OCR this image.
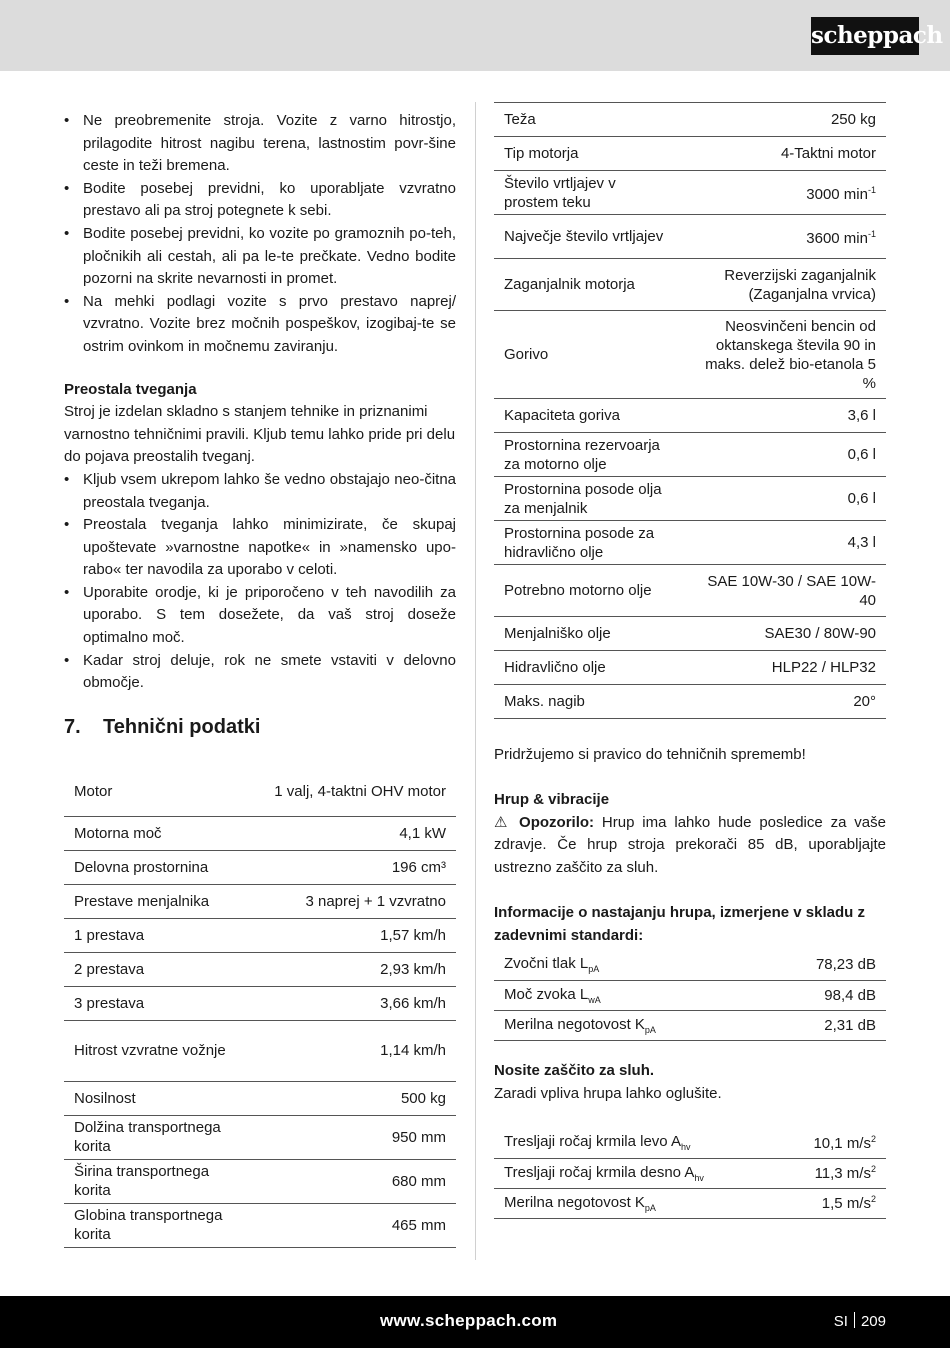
scheppach
• Ne preobremenite stroja. Vozite z varno hitrostjo, prilagodite hitrost nagibu terena, lastnostim povr-šine ceste in teži bremena.
• Bodite posebej previdni, ko uporabljate vzvratno prestavo ali pa stroj potegnete k sebi.
• Bodite posebej previdni, ko vozite po gramoznih po-teh, pločnikih ali cestah, ali pa le-te prečkate. Vedno bodite pozorni na skrite nevarnosti in promet.
• Na mehki podlagi vozite s prvo prestavo naprej/ vzvratno. Vozite brez močnih pospeškov, izogibaj-te se ostrim ovinkom in močnemu zaviranju.
Preostala tveganja

Stroj je izdelan skladno s stanjem tehnike in priznanimi varnostno tehničnimi pravili. Kljub temu lahko pride pri delu do pojava preostalih tveganj.

• Kljub vsem ukrepom lahko še vedno obstajajo neo-čitna preostala tveganja.
• Preostala tveganja lahko minimizirate, če skupaj upoštevate »varnostne napotke« in »namensko upo-rabo« ter navodila za uporabo v celoti.
• Uporabite orodje, ki je priporočeno v teh navodilih za uporabo. S tem dosežete, da vaš stroj doseže optimalno moč.
• Kadar stroj deluje, rok ne smete vstaviti v delovno območje.
7. Tehnični podatki
Motor	1 valj, 4-taktni OHV motor
Motorna moč	4,1 kW
Delovna prostornina	196 cm³
Prestave menjalnika	3 naprej + 1 vzvratno
1 prestava	1,57 km/h
2 prestava	2,93 km/h
3 prestava	3,66 km/h
Hitrost vzvratne vožnje	1,14 km/h
Nosilnost	500 kg
Dolžina transportnega korita	950 mm
Širina transportnega korita	680 mm
Globina transportnega korita	465 mm
Teža	250 kg
Tip motorja	4-Taktni motor
Število vrtljajev v prostem teku	3000 $\min^{-1}$
Največje število vrtljajev	3600 $\min^{-1}$
Zaganjalnik motorja	Reverzijski zaganjalnik (Zaganjalna vrvica)
Gorivo	Neosvinčeni bencin od oktanskega števila 90 in maks. delež bio-etanola 5 %
Kapaciteta goriva	3,6 l
Prostornina rezervoarja za motorno olje	0,6 l
Prostornina posode olja za menjalnik	0,6 l
Prostornina posode za hidravlično olje	4,3 l
Potrebno motorno olje	SAE 10W-30 / SAE 10W-40
Menjalniško olje	SAE30 / 80W-90
Hidravlično olje	HLP22 / HLP32
Maks. nagib	20°
Pridržujemo si pravico do tehničnih sprememb!
Hrup & vibracije
⚠ Opozorilo: Hrup ima lahko hude posledice za vaše zdravje. Če hrup stroja prekorači 85 dB, uporabljajte ustrezno zaščito za sluh.
Informacije o nastajanju hrupa, izmerjene v skladu z zadevnimi standardi:
Zvočni tlak $L_{pA}$	78,23 dB
Moč zvoka $L_{wA}$	98,4 dB
Merilna negotovost $K_{pA}$	2,31 dB
Nosite zaščito za sluh.
Zaradi vpliva hrupa lahko oglušite.
Tresljaji ročaj krmila levo $A_{hv}$	10,1 $m/s^2$
Tresljaji ročaj krmila desno $A_{hv}$	11,3 $m/s^2$
Merilna negotovost $K_{pA}$	1,5 $m/s^2$
www.scheppach.com	SI 209
